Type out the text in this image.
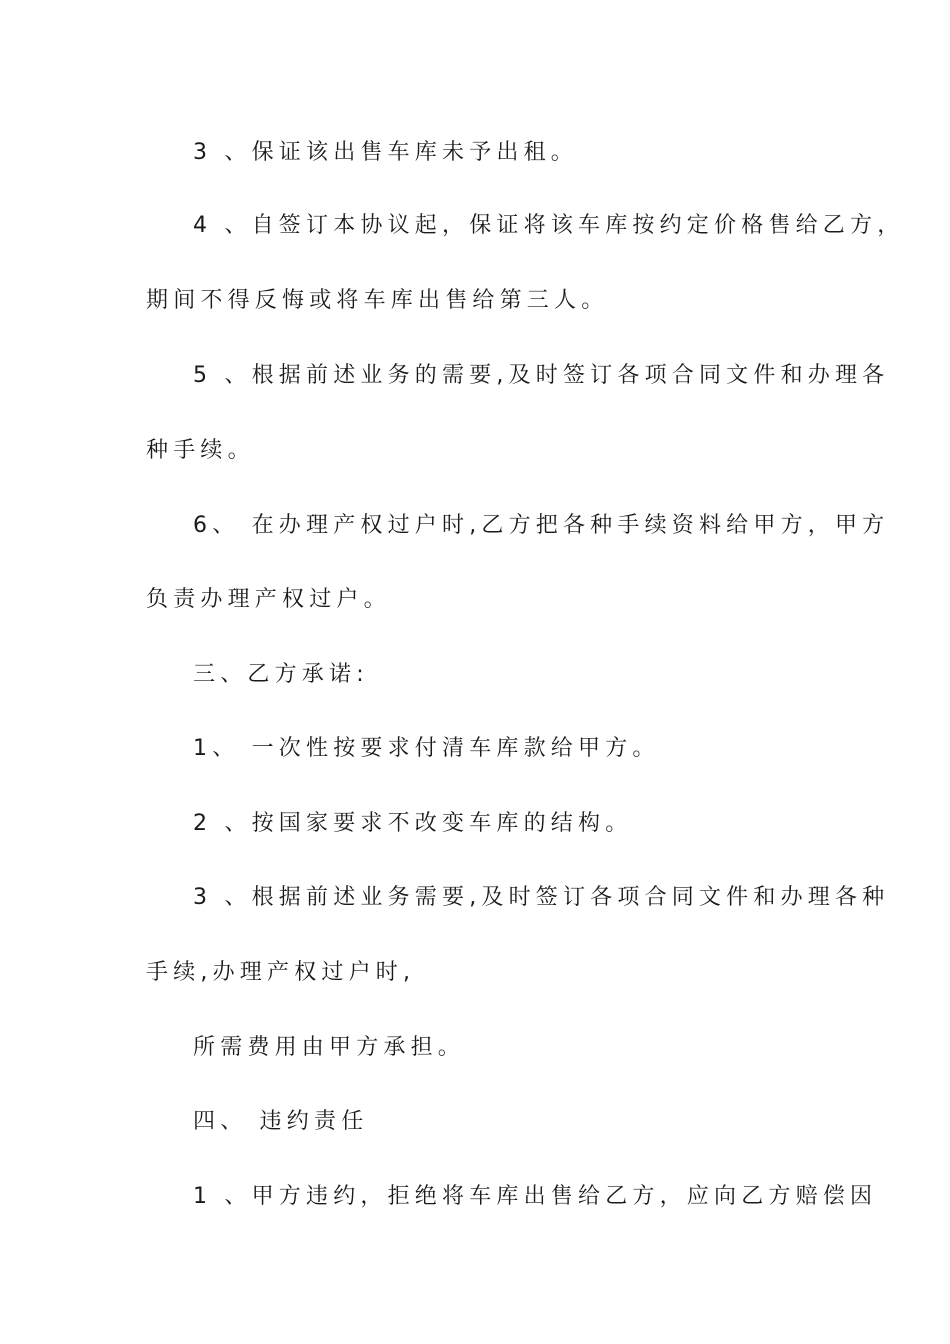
3 、保证该出售车库未予出租。

4 、自签订本协议起，保证将该车库按约定价格售给乙方，

期间不得反悔或将车库出售给第三人。

5 、根据前述业务的需要,及时签订各项合同文件和办理各

种手续。

6、 在办理产权过户时,乙方把各种手续资料给甲方，甲方

负责办理产权过户。

三、乙方承诺:

1、 一次性按要求付清车库款给甲方。

2 、按国家要求不改变车库的结构。

3 、根据前述业务需要,及时签订各项合同文件和办理各种

手续,办理产权过户时,

所需费用由甲方承担。

四、 违约责任

1 、甲方违约，拒绝将车库出售给乙方，应向乙方赔偿因
